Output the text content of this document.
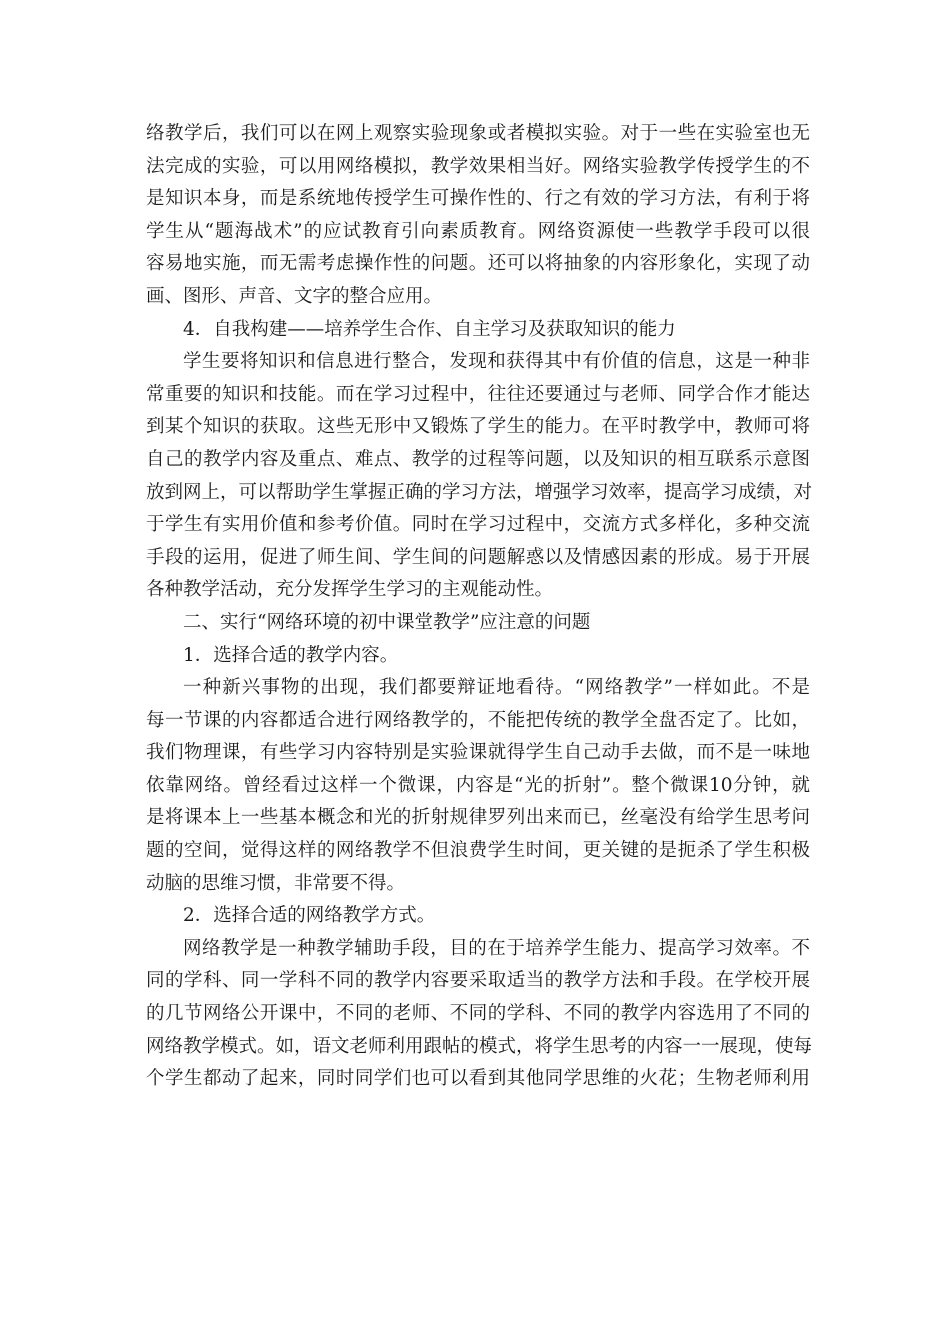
络教学后，我们可以在网上观察实验现象或者模拟实验。对于一些在实验室也无
法完成的实验，可以用网络模拟，教学效果相当好。网络实验教学传授学生的不
是知识本身，而是系统地传授学生可操作性的、行之有效的学习方法，有利于将
学生从“题海战术”的应试教育引向素质教育。网络资源使一些教学手段可以很
容易地实施，而无需考虑操作性的问题。还可以将抽象的内容形象化，实现了动
画、图形、声音、文字的整合应用。
4．自我构建——培养学生合作、自主学习及获取知识的能力
学生要将知识和信息进行整合，发现和获得其中有价值的信息，这是一种非
常重要的知识和技能。而在学习过程中，往往还要通过与老师、同学合作才能达
到某个知识的获取。这些无形中又锻炼了学生的能力。在平时教学中，教师可将
自己的教学内容及重点、难点、教学的过程等问题，以及知识的相互联系示意图
放到网上，可以帮助学生掌握正确的学习方法，增强学习效率，提高学习成绩，对
于学生有实用价值和参考价值。同时在学习过程中，交流方式多样化，多种交流
手段的运用，促进了师生间、学生间的问题解惑以及情感因素的形成。易于开展
各种教学活动，充分发挥学生学习的主观能动性。
二、实行“网络环境的初中课堂教学”应注意的问题
1．选择合适的教学内容。
一种新兴事物的出现，我们都要辩证地看待。“网络教学”一样如此。不是
每一节课的内容都适合进行网络教学的，不能把传统的教学全盘否定了。比如，
我们物理课，有些学习内容特别是实验课就得学生自己动手去做，而不是一味地
依靠网络。曾经看过这样一个微课，内容是“光的折射”。整个微课10分钟，就
是将课本上一些基本概念和光的折射规律罗列出来而已，丝毫没有给学生思考问
题的空间，觉得这样的网络教学不但浪费学生时间，更关键的是扼杀了学生积极
动脑的思维习惯，非常要不得。
2．选择合适的网络教学方式。
网络教学是一种教学辅助手段，目的在于培养学生能力、提高学习效率。不
同的学科、同一学科不同的教学内容要采取适当的教学方法和手段。在学校开展
的几节网络公开课中，不同的老师、不同的学科、不同的教学内容选用了不同的
网络教学模式。如，语文老师利用跟帖的模式，将学生思考的内容一一展现，使每
个学生都动了起来，同时同学们也可以看到其他同学思维的火花；生物老师利用
